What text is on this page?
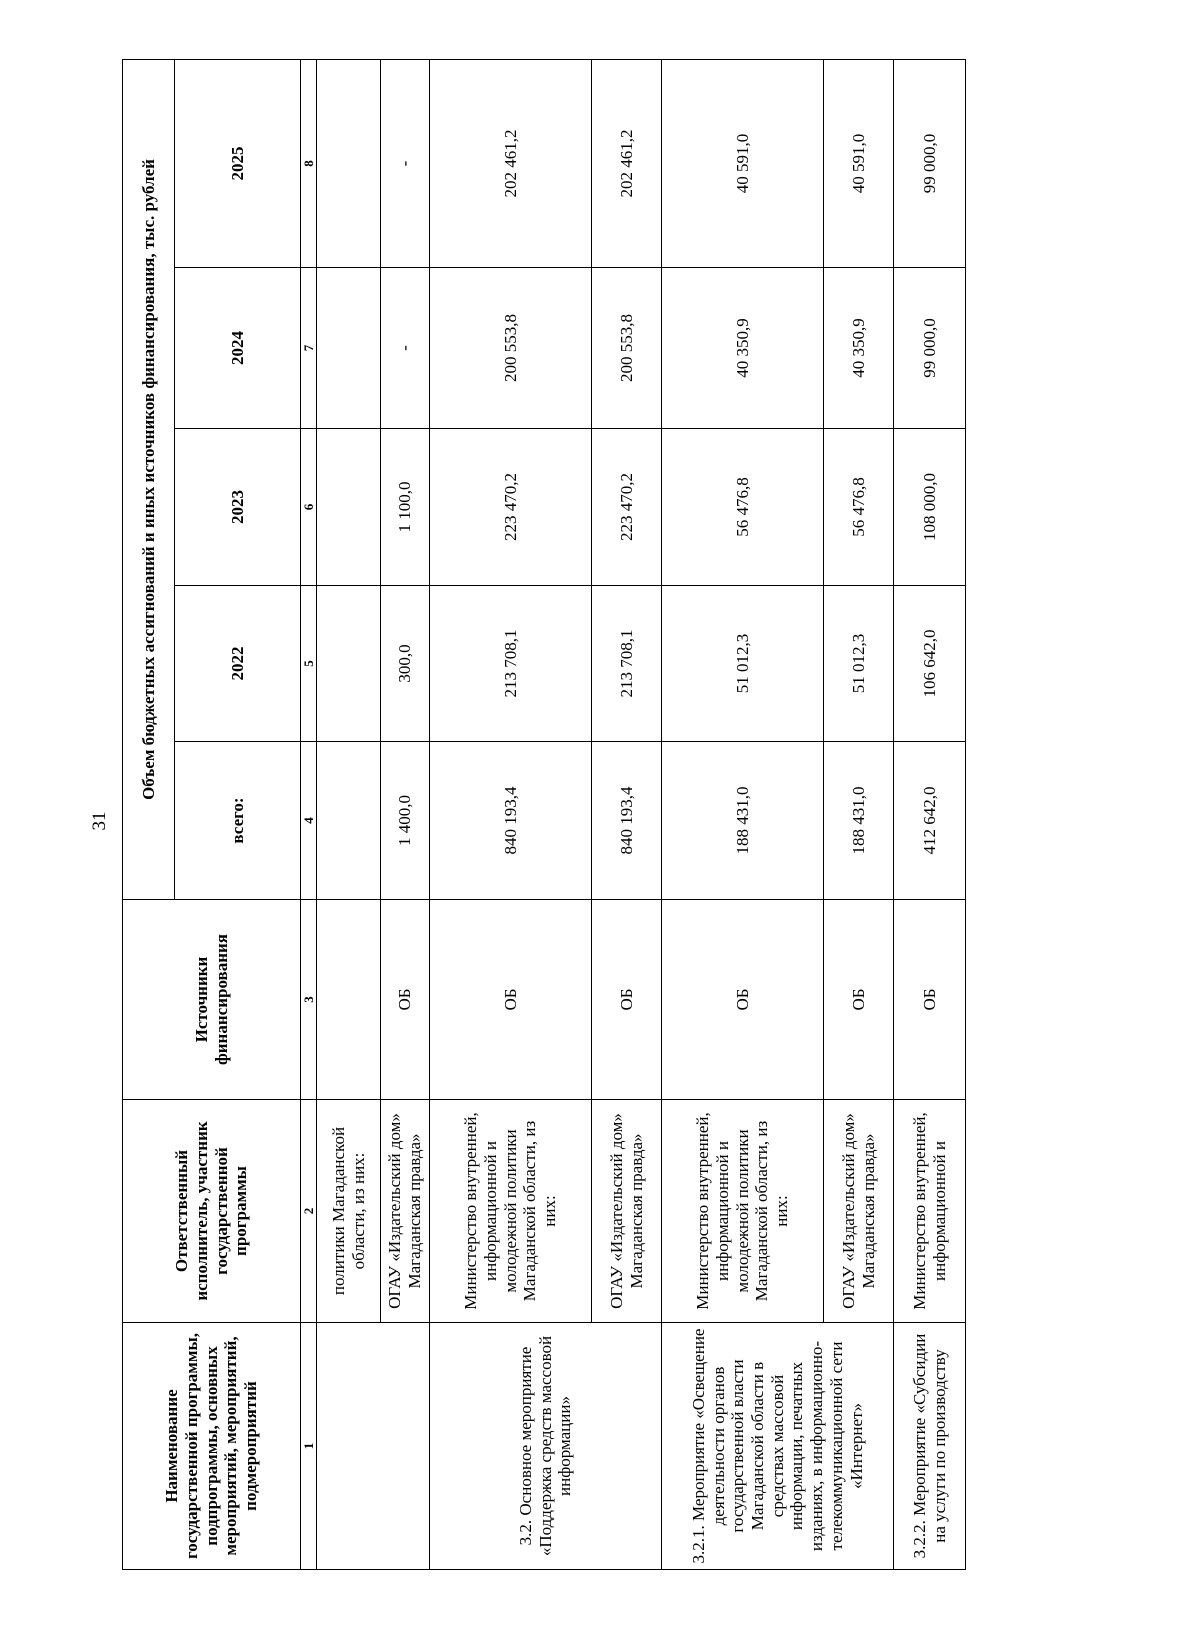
31
Наименование государственной программы, подпрограммы, основных мероприятий, мероприятий, подмероприятий	Ответственный исполнитель, участник государственной программы	Источники финансирования	Объем бюджетных ассигнований и иных источников финансирования, тыс. рублей				
			всего:	2022	2023	2024	2025
1	2	3	4	5	6	7	8
	политики Магаданской области, из них:						
	ОГАУ «Издательский дом» Магаданская правда»	ОБ	1 400,0	300,0	1 100,0	-	-
3.2. Основное мероприятие «Поддержка средств массовой информации»	Министерство внутренней, информационной и молодежной политики Магаданской области, из них:	ОБ	840 193,4	213 708,1	223 470,2	200 553,8	202 461,2
	ОГАУ «Издательский дом» Магаданская правда»	ОБ	840 193,4	213 708,1	223 470,2	200 553,8	202 461,2
3.2.1. Мероприятие «Освещение деятельности органов государственной власти Магаданской области в средствах массовой информации, печатных изданиях, в информационно-телекоммуникационной сети «Интернет»	Министерство внутренней, информационной и молодежной политики Магаданской области, из них:	ОБ	188 431,0	51 012,3	56 476,8	40 350,9	40 591,0
	ОГАУ «Издательский дом» Магаданская правда»	ОБ	188 431,0	51 012,3	56 476,8	40 350,9	40 591,0
3.2.2. Мероприятие «Субсидии на услуги по производству	Министерство внутренней, информационной и	ОБ	412 642,0	106 642,0	108 000,0	99 000,0	99 000,0
